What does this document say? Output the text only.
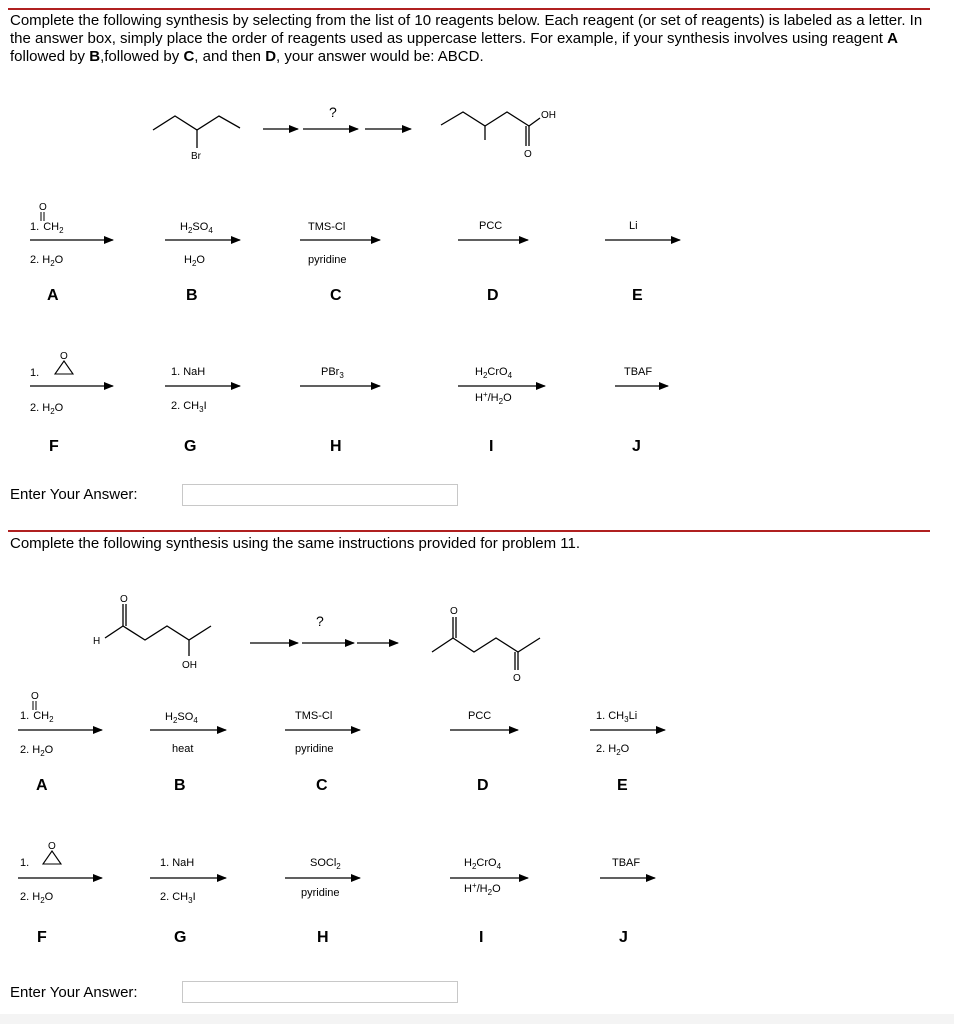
Complete the following synthesis by selecting from the list of 10 reagents below. Each reagent (or set of reagents) is labeled as a letter. In the answer box, simply place the order of reagents used as uppercase letters. For example, if your synthesis involves using reagent A followed by B,followed by C, and then D, your answer would be: ABCD.
Br
?	OH
O
O
1. $CH_2$
2. $H_2O$
A
$H_2SO_4$
$H_2O$
B
TMS-Cl
pyridine
C
PCC
D
Li
E
1.
O
2. $H_2O$
F
1. NaH
2. $CH_3I$
G
PBr$_3$
H
$H_2CrO_4$
$H^+/H_2O$
I
TBAF
J
Enter Your Answer:
Complete the following synthesis using the same instructions provided for problem 11.
H
O
OH
?
O
O
O
1. $CH_2$
2. $H_2O$
A
$H_2SO_4$
heat
B
TMS-Cl
pyridine
C
PCC
D
1. $CH_3Li$
2. $H_2O$
E
1.
O
2. $H_2O$
F
1. NaH
2. $CH_3I$
G
SOCl$_2$
pyridine
H
$H_2CrO_4$
$H^+/H_2O$
I
TBAF
J
Enter Your Answer:
